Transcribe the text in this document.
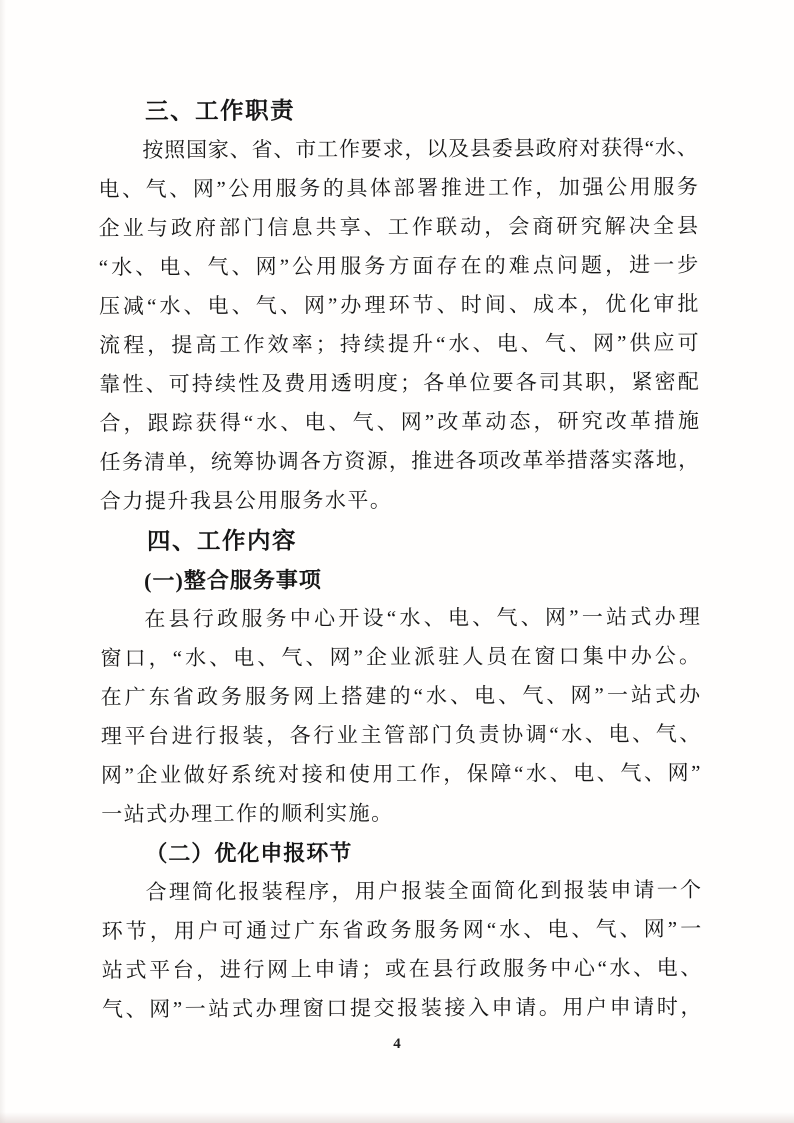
三、工作职责
按照国家、省、市工作要求，以及县委县政府对获得“水、
电、气、网”公用服务的具体部署推进工作，加强公用服务
企业与政府部门信息共享、工作联动，会商研究解决全县
“水、电、气、网”公用服务方面存在的难点问题，进一步
压减“水、电、气、网”办理环节、时间、成本，优化审批
流程，提高工作效率；持续提升“水、电、气、网”供应可
靠性、可持续性及费用透明度；各单位要各司其职，紧密配
合，跟踪获得“水、电、气、网”改革动态，研究改革措施
任务清单，统筹协调各方资源，推进各项改革举措落实落地，
合力提升我县公用服务水平。
四、工作内容
(一)整合服务事项
在县行政服务中心开设“水、电、气、网”一站式办理
窗口，“水、电、气、网”企业派驻人员在窗口集中办公。
在广东省政务服务网上搭建的“水、电、气、网”一站式办
理平台进行报装，各行业主管部门负责协调“水、电、气、
网”企业做好系统对接和使用工作，保障“水、电、气、网”
一站式办理工作的顺利实施。
（二）优化申报环节
合理简化报装程序，用户报装全面简化到报装申请一个
环节，用户可通过广东省政务服务网“水、电、气、网”一
站式平台，进行网上申请；或在县行政服务中心“水、电、
气、网”一站式办理窗口提交报装接入申请。用户申请时，
4
